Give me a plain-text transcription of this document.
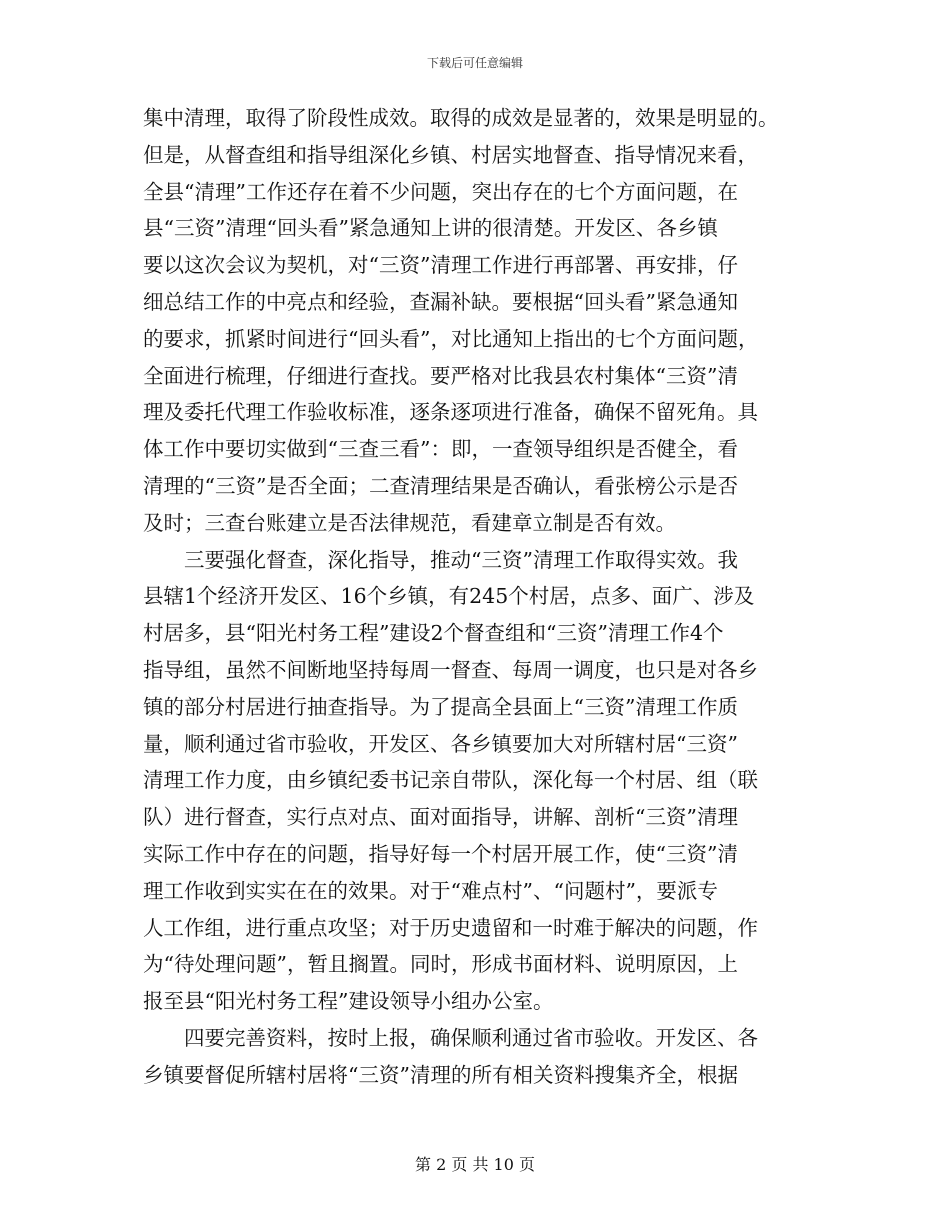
下载后可任意编辑
集中清理，取得了阶段性成效。取得的成效是显著的，效果是明显的。
但是，从督查组和指导组深化乡镇、村居实地督查、指导情况来看，
全县“清理”工作还存在着不少问题，突出存在的七个方面问题，在
县“三资”清理“回头看”紧急通知上讲的很清楚。开发区、各乡镇
要以这次会议为契机，对“三资”清理工作进行再部署、再安排，仔
细总结工作的中亮点和经验，查漏补缺。要根据“回头看”紧急通知
的要求，抓紧时间进行“回头看”，对比通知上指出的七个方面问题，
全面进行梳理，仔细进行查找。要严格对比我县农村集体“三资”清
理及委托代理工作验收标准，逐条逐项进行准备，确保不留死角。具
体工作中要切实做到“三查三看”：即，一查领导组织是否健全，看
清理的“三资”是否全面；二查清理结果是否确认，看张榜公示是否
及时；三查台账建立是否法律规范，看建章立制是否有效。
　　三要强化督查，深化指导，推动“三资”清理工作取得实效。我
县辖1个经济开发区、16个乡镇，有245个村居，点多、面广、涉及
村居多，县“阳光村务工程”建设2个督查组和“三资”清理工作4个
指导组，虽然不间断地坚持每周一督查、每周一调度，也只是对各乡
镇的部分村居进行抽查指导。为了提高全县面上“三资”清理工作质
量，顺利通过省市验收，开发区、各乡镇要加大对所辖村居“三资”
清理工作力度，由乡镇纪委书记亲自带队，深化每一个村居、组（联
队）进行督查，实行点对点、面对面指导，讲解、剖析“三资”清理
实际工作中存在的问题，指导好每一个村居开展工作，使“三资”清
理工作收到实实在在的效果。对于“难点村”、“问题村”，要派专
人工作组，进行重点攻坚；对于历史遗留和一时难于解决的问题，作
为“待处理问题”，暂且搁置。同时，形成书面材料、说明原因，上
报至县“阳光村务工程”建设领导小组办公室。
　　四要完善资料，按时上报，确保顺利通过省市验收。开发区、各
乡镇要督促所辖村居将“三资”清理的所有相关资料搜集齐全，根据
第 2 页 共 10 页
